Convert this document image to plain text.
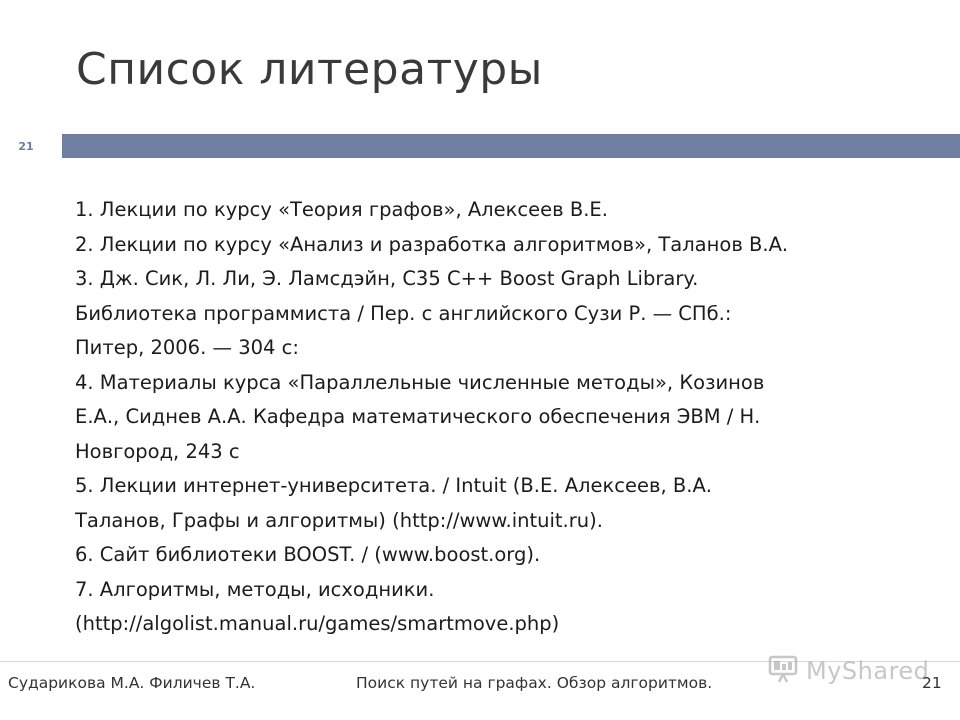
Список литературы
21

1. Лекции по курсу «Теория графов», Алексеев В.Е.

2. Лекции по курсу «Анализ и разработка алгоритмов», Таланов В.А.

3. Дж. Сик, Л. Ли, Э. Ламсдэйн, C35 C++ Boost Graph Library.

Библиотека программиста / Пер. с английского Сузи Р. — СПб.:

Питер, 2006. — 304 с:

4. Материалы курса «Параллельные численные методы», Козинов

Е.А., Сиднев А.А. Кафедра математического обеспечения ЭВМ / Н.

Новгород, 243 с

5. Лекции интернет-университета. / Intuit (В.Е. Алексеев, В.А.

Таланов, Графы и алгоритмы) (http://www.intuit.ru).

6. Сайт библиотеки BOOST. / (www.boost.org).

7. Алгоритмы, методы, исходники.

(http://algolist.manual.ru/games/smartmove.php)

Сударикова М.А. Филичев Т.А.	Поиск путей на графах. Обзор алгоритмов.	MyShared
21
